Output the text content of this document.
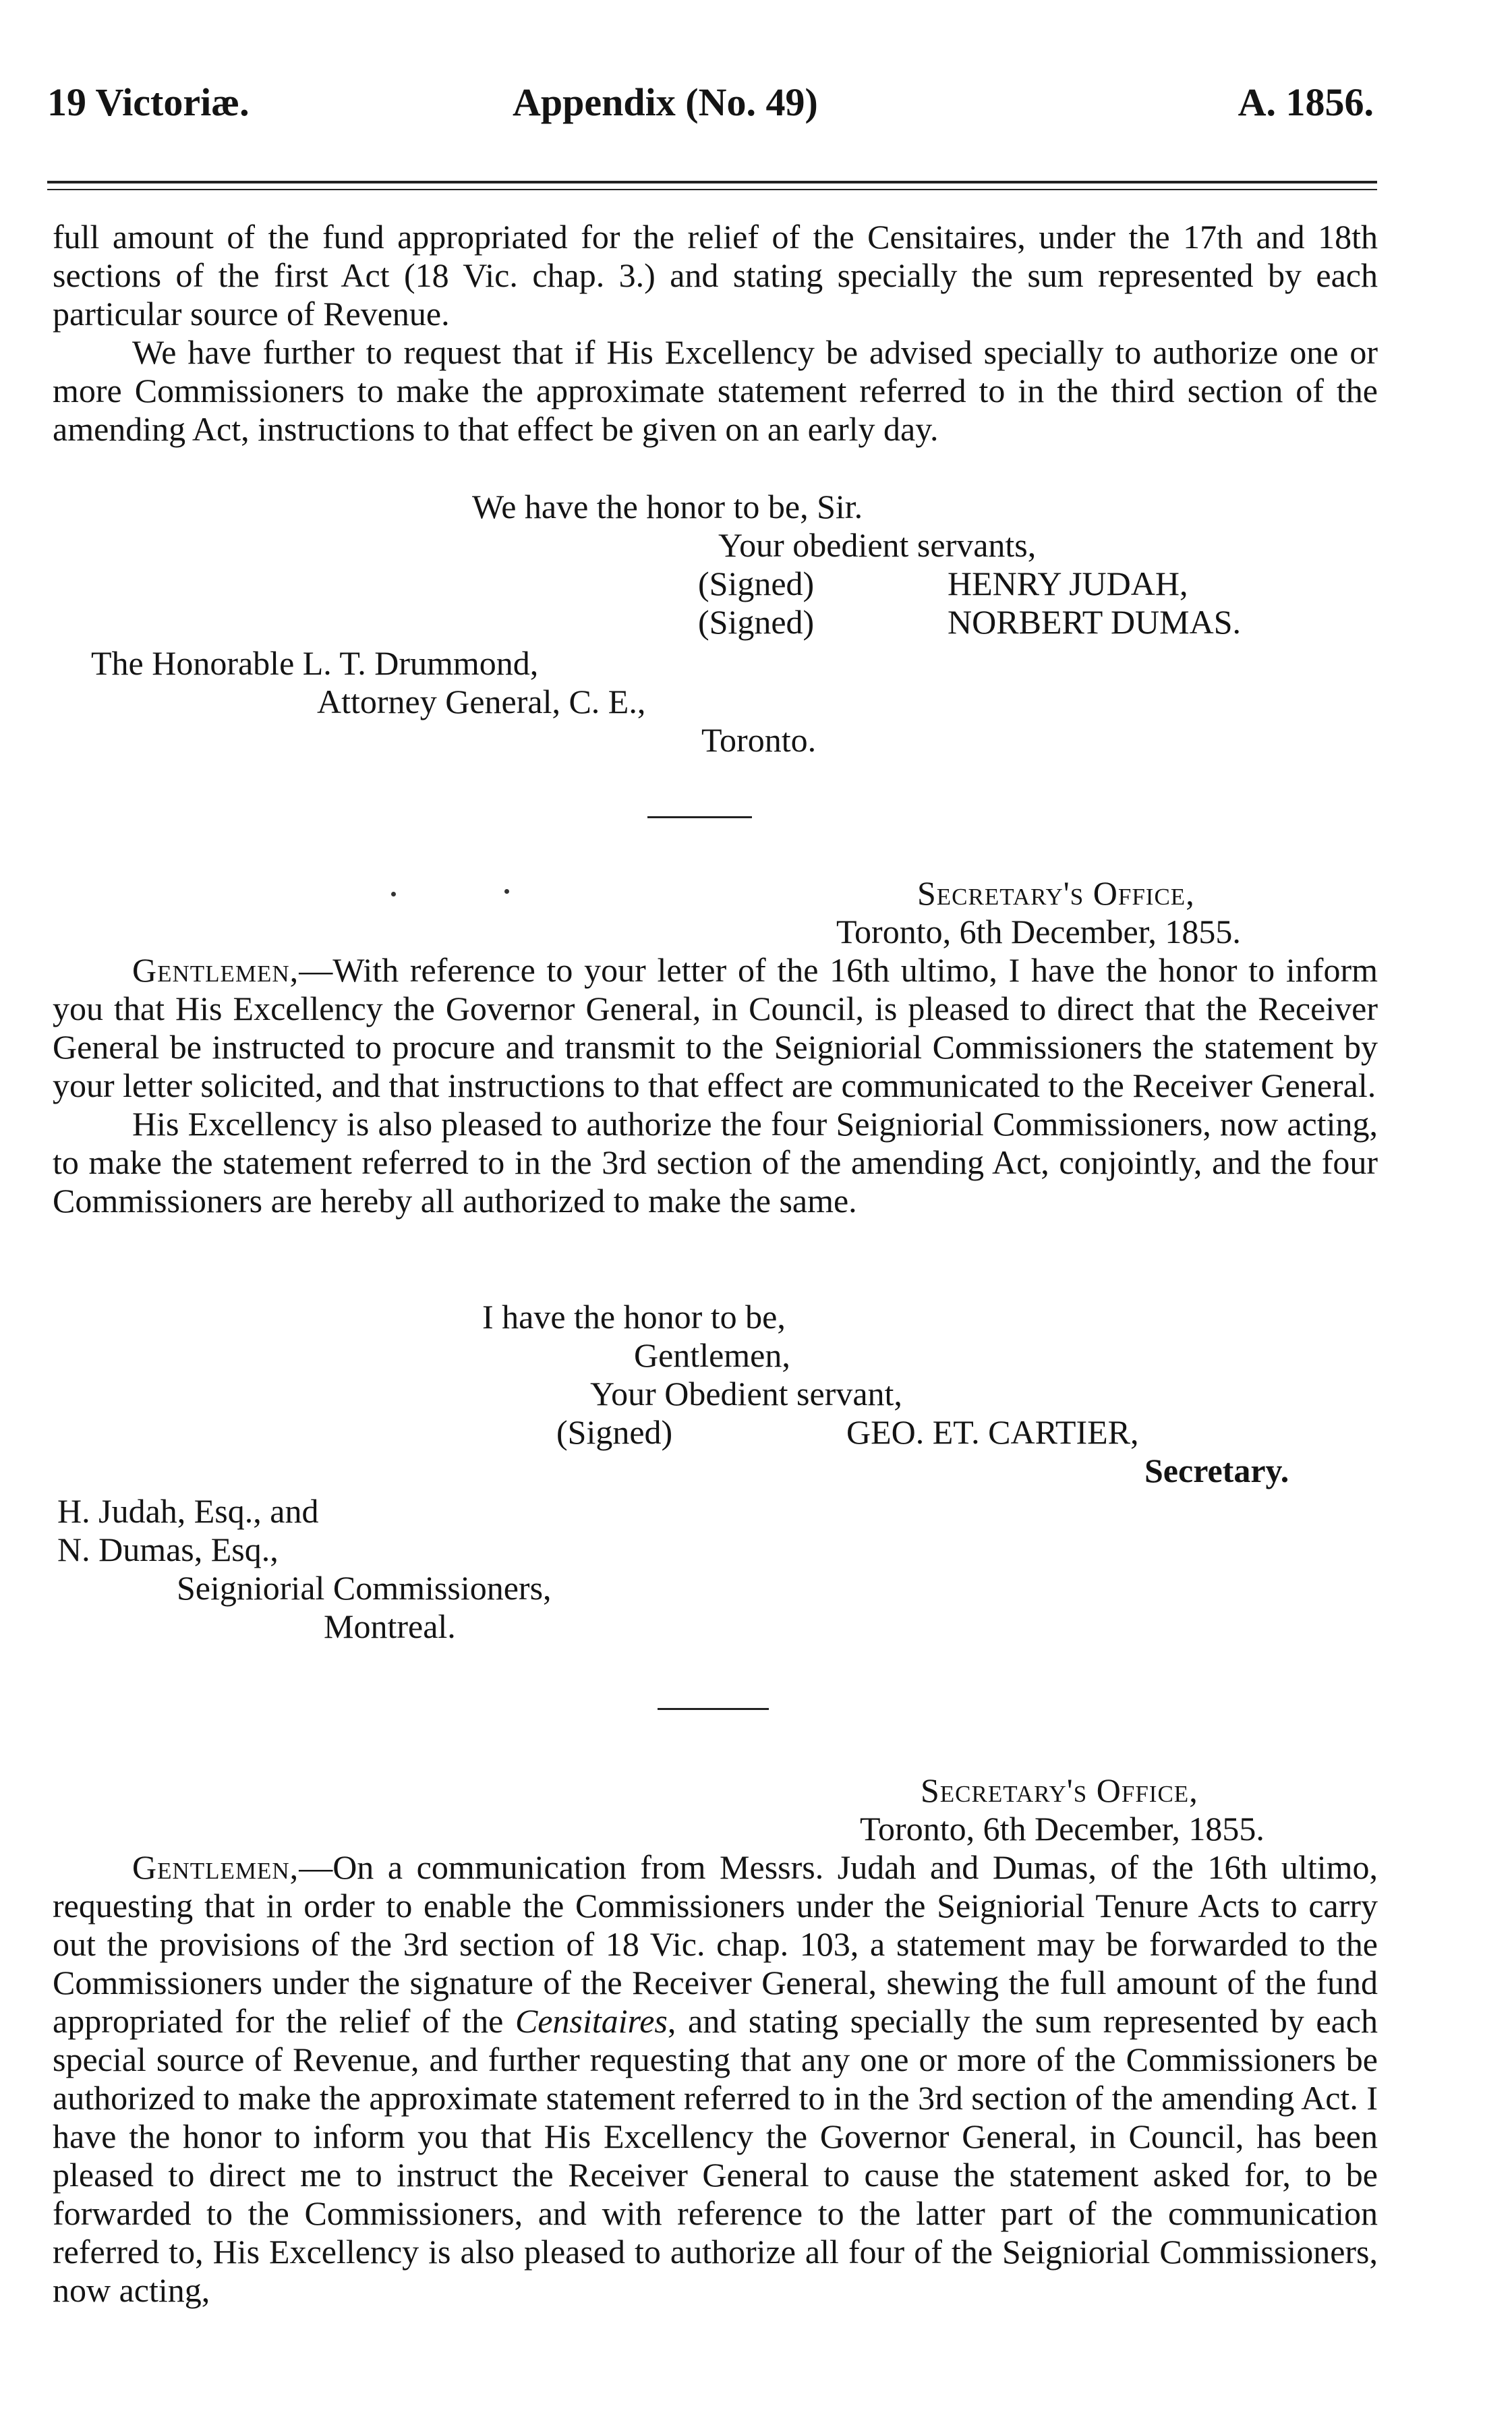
19 Victoriæ.	Appendix (No. 49)	A. 1856.

full amount of the fund appropriated for the relief of the Censitaires, under the 17th and 18th sections of the first Act (18 Vic. chap. 3.) and stating specially the sum represented by each particular source of Revenue.

We have further to request that if His Excellency be advised specially to authorize one or more Commissioners to make the approximate statement referred to in the third section of the amending Act, instructions to that effect be given on an early day.

We have the honor to be, Sir.
Your obedient servants,
(Signed)	HENRY JUDAH,
(Signed)	NORBERT DUMAS.
The Honorable L. T. Drummond,
Attorney General, C. E.,
Toronto.
Secretary's Office,
Toronto, 6th December, 1855.

Gentlemen,—With reference to your letter of the 16th ultimo, I have the honor to inform you that His Excellency the Governor General, in Council, is pleased to direct that the Receiver General be instructed to procure and transmit to the Seigniorial Commissioners the statement by your letter solicited, and that instructions to that effect are communicated to the Receiver General.

His Excellency is also pleased to authorize the four Seigniorial Commissioners, now acting, to make the statement referred to in the 3rd section of the amending Act, conjointly, and the four Commissioners are hereby all authorized to make the same.

I have the honor to be,
Gentlemen,
Your Obedient servant,
(Signed)	GEO. ET. CARTIER,
Secretary.
H. Judah, Esq., and
N. Dumas, Esq.,
Seigniorial Commissioners,
Montreal.
Secretary's Office,
Toronto, 6th December, 1855.

Gentlemen,—On a communication from Messrs. Judah and Dumas, of the 16th ultimo, requesting that in order to enable the Commissioners under the Seigniorial Tenure Acts to carry out the provisions of the 3rd section of 18 Vic. chap. 103, a statement may be forwarded to the Commissioners under the signature of the Receiver General, shewing the full amount of the fund appropriated for the relief of the Censitaires, and stating specially the sum represented by each special source of Revenue, and further requesting that any one or more of the Commissioners be authorized to make the approximate statement referred to in the 3rd section of the amending Act. I have the honor to inform you that His Excellency the Governor General, in Council, has been pleased to direct me to instruct the Receiver General to cause the statement asked for, to be forwarded to the Commissioners, and with reference to the latter part of the communication referred to, His Excellency is also pleased to authorize all four of the Seigniorial Commissioners, now acting,
